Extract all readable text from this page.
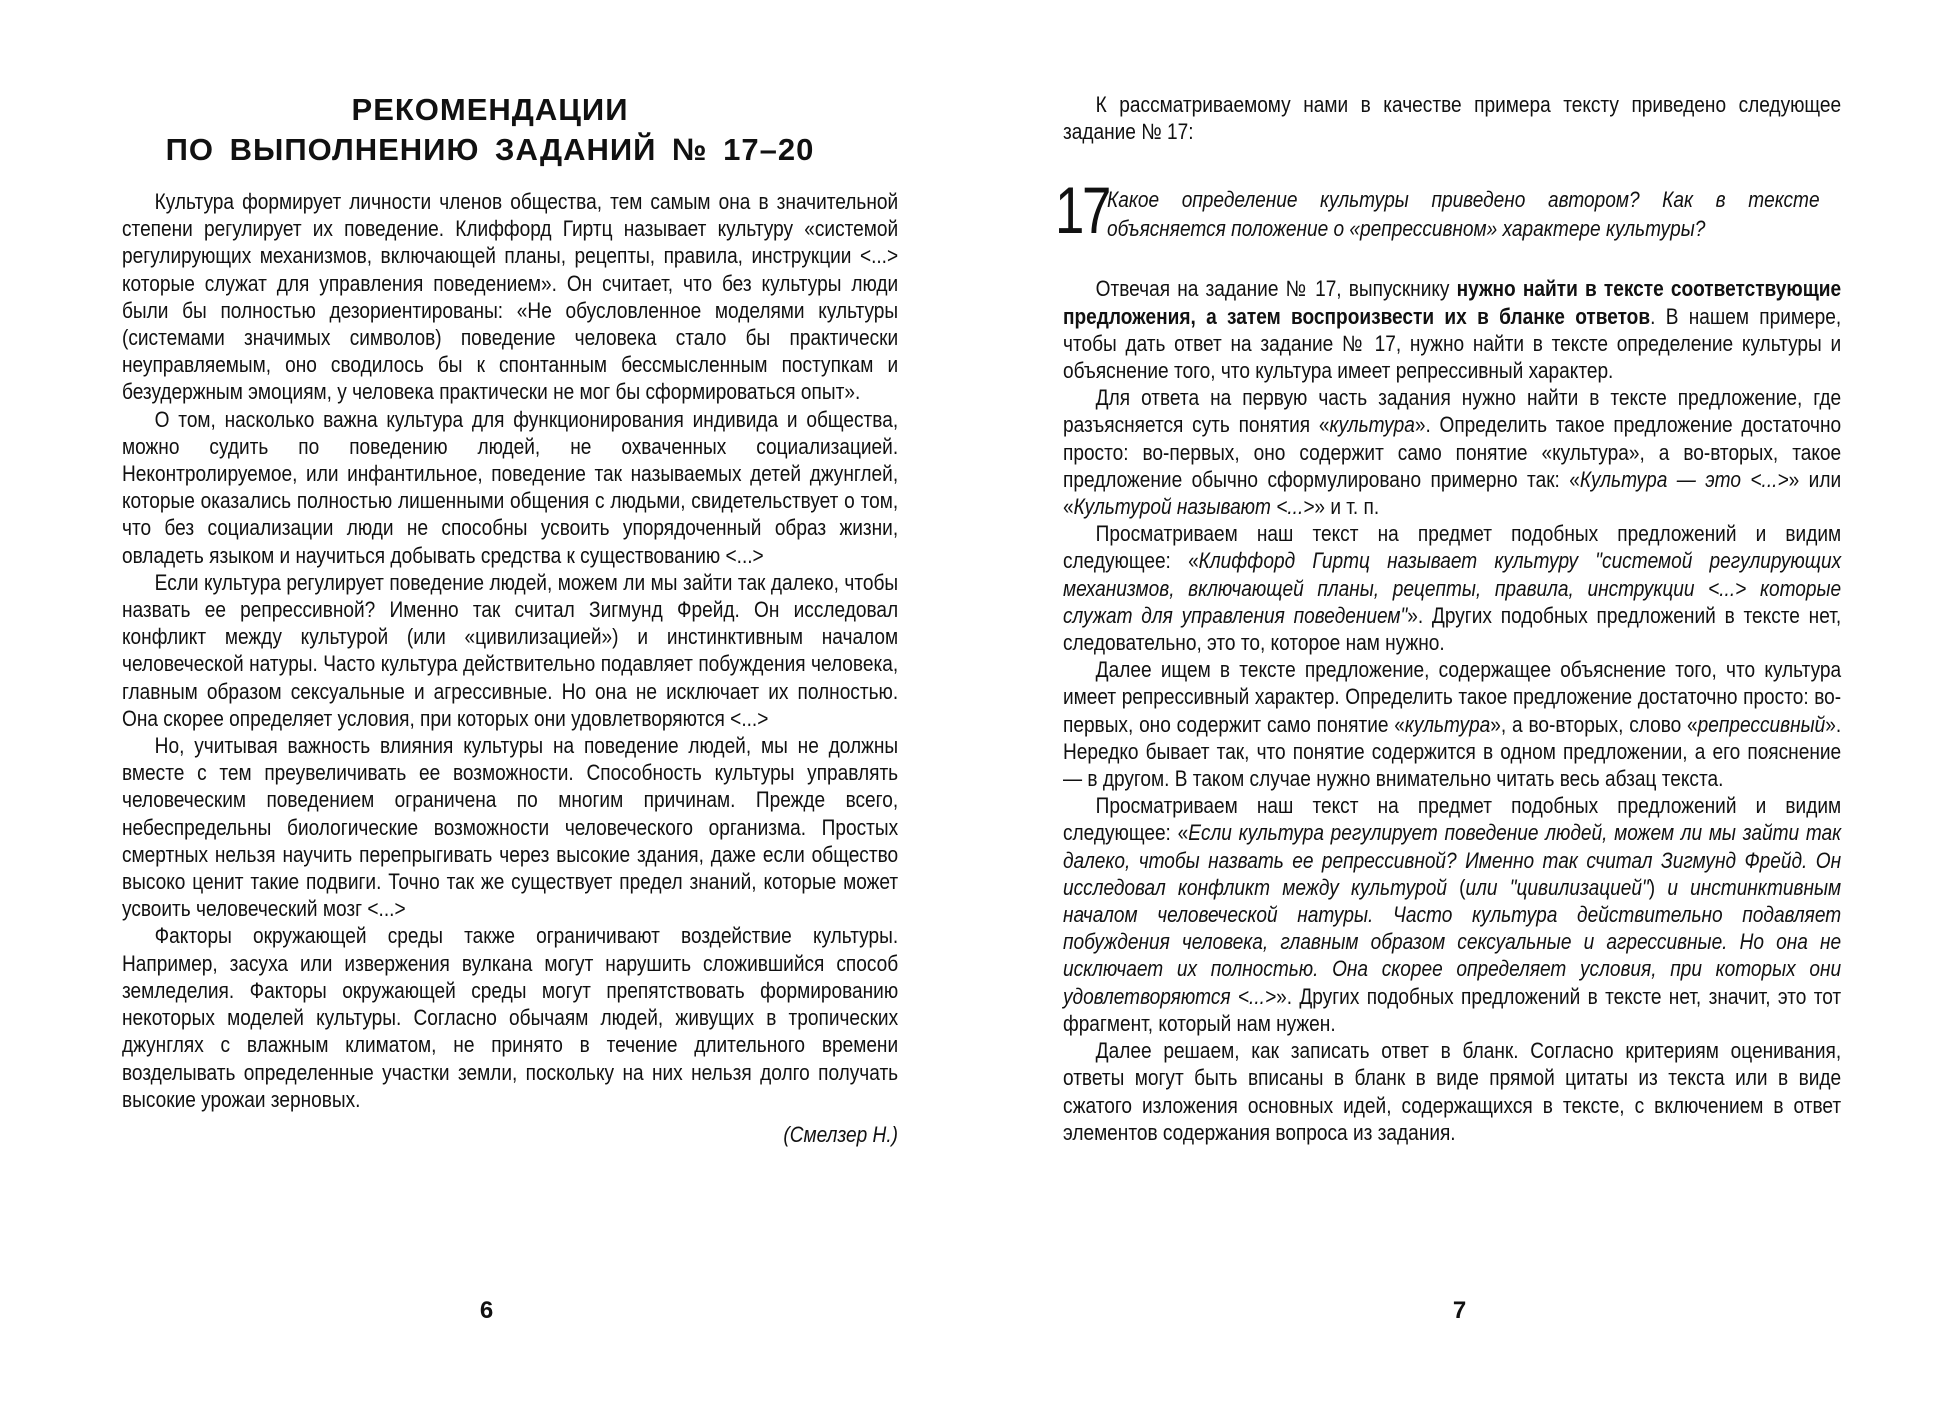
РЕКОМЕНДАЦИИ
ПО ВЫПОЛНЕНИЮ ЗАДАНИЙ № 17–20

Культура формирует личности членов общества, тем самым она в значительной степени регулирует их поведение. Клиффорд Гиртц называет культуру «системой регулирующих механизмов, включающей планы, рецепты, правила, инструкции <...> которые служат для управления поведением». Он считает, что без культуры люди были бы полностью дезориентированы: «Не обусловленное моделями культуры (системами значимых символов) поведение человека стало бы практически неуправляемым, оно сводилось бы к спонтанным бессмысленным поступкам и безудержным эмоциям, у человека практически не мог бы сформироваться опыт».

О том, насколько важна культура для функционирования индивида и общества, можно судить по поведению людей, не охваченных социализацией. Неконтролируемое, или инфантильное, поведение так называемых детей джунглей, которые оказались полностью лишенными общения с людьми, свидетельствует о том, что без социализации люди не способны усвоить упорядоченный образ жизни, овладеть языком и научиться добывать средства к существованию <...>

Если культура регулирует поведение людей, можем ли мы зайти так далеко, чтобы назвать ее репрессивной? Именно так считал Зигмунд Фрейд. Он исследовал конфликт между культурой (или «цивилизацией») и инстинктивным началом человеческой натуры. Часто культура действительно подавляет побуждения человека, главным образом сексуальные и агрессивные. Но она не исключает их полностью. Она скорее определяет условия, при которых они удовлетворяются <...>

Но, учитывая важность влияния культуры на поведение людей, мы не должны вместе с тем преувеличивать ее возможности. Способность культуры управлять человеческим поведением ограничена по многим причинам. Прежде всего, небеспредельны биологические возможности человеческого организма. Простых смертных нельзя научить перепрыгивать через высокие здания, даже если общество высоко ценит такие подвиги. Точно так же существует предел знаний, которые может усвоить человеческий мозг <...>

Факторы окружающей среды также ограничивают воздействие культуры. Например, засуха или извержения вулкана могут нарушить сложившийся способ земледелия. Факторы окружающей среды могут препятствовать формированию некоторых моделей культуры. Согласно обычаям людей, живущих в тропических джунглях с влажным климатом, не принято в течение длительного времени возделывать определенные участки земли, поскольку на них нельзя долго получать высокие урожаи зерновых.

(Смелзер Н.)
6

К рассматриваемому нами в качестве примера тексту приведено следующее задание № 17:

17
Какое определение культуры приведено автором? Как в тексте объясняется положение о «репрессивном» характере культуры?

Отвечая на задание № 17, выпускнику нужно найти в тексте соответствующие предложения, а затем воспроизвести их в бланке ответов. В нашем примере, чтобы дать ответ на задание № 17, нужно найти в тексте определение культуры и объяснение того, что культура имеет репрессивный характер.

Для ответа на первую часть задания нужно найти в тексте предложение, где разъясняется суть понятия «культура». Определить такое предложение достаточно просто: во-первых, оно содержит само понятие «культура», а во-вторых, такое предложение обычно сформулировано примерно так: «Культура — это <...>» или «Культурой называют <...>» и т. п.

Просматриваем наш текст на предмет подобных предложений и видим следующее: «Клиффорд Гиртц называет культуру "системой регулирующих механизмов, включающей планы, рецепты, правила, инструкции <...> которые служат для управления поведением"». Других подобных предложений в тексте нет, следовательно, это то, которое нам нужно.

Далее ищем в тексте предложение, содержащее объяснение того, что культура имеет репрессивный характер. Определить такое предложение достаточно просто: во-первых, оно содержит само понятие «культура», а во-вторых, слово «репрессивный». Нередко бывает так, что понятие содержится в одном предложении, а его пояснение — в другом. В таком случае нужно внимательно читать весь абзац текста.

Просматриваем наш текст на предмет подобных предложений и видим следующее: «Если культура регулирует поведение людей, можем ли мы зайти так далеко, чтобы назвать ее репрессивной? Именно так считал Зигмунд Фрейд. Он исследовал конфликт между культурой (или "цивилизацией") и инстинктивным началом человеческой натуры. Часто культура действительно подавляет побуждения человека, главным образом сексуальные и агрессивные. Но она не исключает их полностью. Она скорее определяет условия, при которых они удовлетворяются <...>». Других подобных предложений в тексте нет, значит, это тот фрагмент, который нам нужен.

Далее решаем, как записать ответ в бланк. Согласно критериям оценивания, ответы могут быть вписаны в бланк в виде прямой цитаты из текста или в виде сжатого изложения основных идей, содержащихся в тексте, с включением в ответ элементов содержания вопроса из задания.

7
